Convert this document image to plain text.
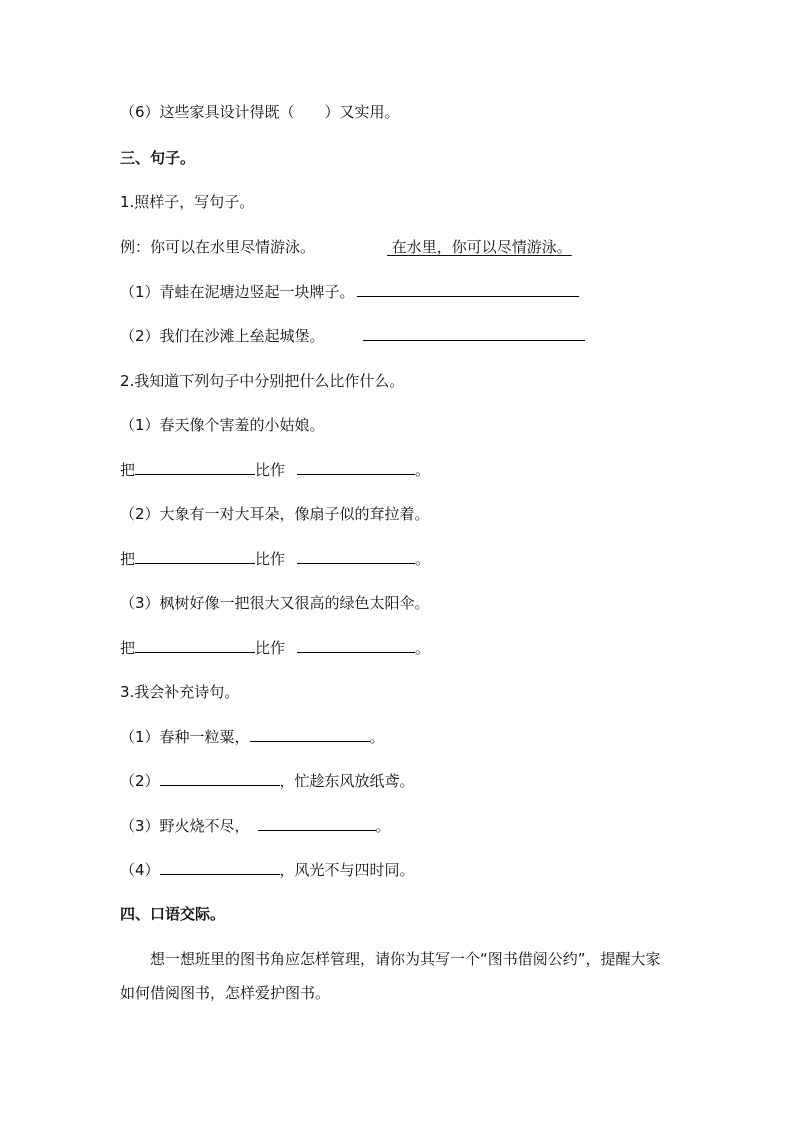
（6）这些家具设计得既（　　）又实用。
三、句子。
1.照样子，写句子。
例：你可以在水里尽情游泳。	在水里，你可以尽情游泳。
（1）青蛙在泥塘边竖起一块牌子。
（2）我们在沙滩上垒起城堡。
2.我知道下列句子中分别把什么比作什么。
（1）春天像个害羞的小姑娘。
把	比作	。
（2）大象有一对大耳朵，像扇子似的耷拉着。
把	比作	。
（3）枫树好像一把很大又很高的绿色太阳伞。
把	比作	。
3.我会补充诗句。
（1）春种一粒粟，	。
（2）	，忙趁东风放纸鸢。
（3）野火烧不尽，	。
（4）	，风光不与四时同。
四、口语交际。
想一想班里的图书角应怎样管理，请你为其写一个“图书借阅公约”，提醒大家如何借阅图书，怎样爱护图书。
